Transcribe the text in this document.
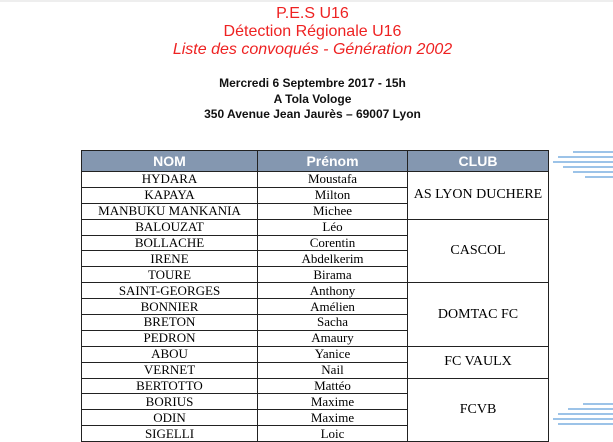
P.E.S U16
Détection Régionale U16
Liste des convoqués - Génération 2002
Mercredi 6 Septembre 2017 - 15h
A Tola Vologe
350 Avenue Jean Jaurès – 69007 Lyon
NOM	Prénom	CLUB
HYDARA	Moustafa	AS LYON DUCHERE
KAPAYA	Milton	
MANBUKU MANKANIA	Michee	
BALOUZAT	Léo	CASCOL
BOLLACHE	Corentin	
IRENE	Abdelkerim	
TOURE	Birama	
SAINT-GEORGES	Anthony	DOMTAC FC
BONNIER	Amélien	
BRETON	Sacha	
PEDRON	Amaury	
ABOU	Yanice	FC VAULX
VERNET	Nail	
BERTOTTO	Mattéo	FCVB
BORIUS	Maxime	
ODIN	Maxime	
SIGELLI	Loic	
